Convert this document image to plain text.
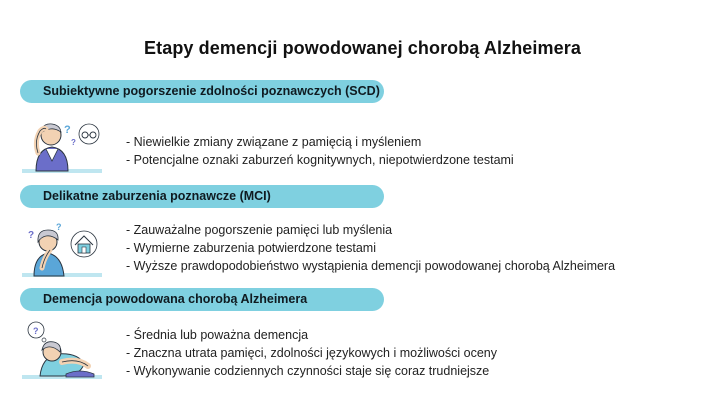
Etapy demencji powodowanej chorobą Alzheimera
Subiektywne pogorszenie zdolności poznawczych (SCD)
?
?	- Niewielkie zmiany związane z pamięcią i myśleniem
- Potencjalne oznaki zaburzeń kognitywnych, niepotwierdzone testami
Delikatne zaburzenia poznawcze (MCI)
?
?	- Zauważalne pogorszenie pamięci lub myślenia
- Wymierne zaburzenia potwierdzone testami
- Wyższe prawdopodobieństwo wystąpienia demencji powodowanej chorobą Alzheimera
Demencja powodowana chorobą Alzheimera
?	- Średnia lub poważna demencja
- Znaczna utrata pamięci, zdolności językowych i możliwości oceny
- Wykonywanie codziennych czynności staje się coraz trudniejsze
